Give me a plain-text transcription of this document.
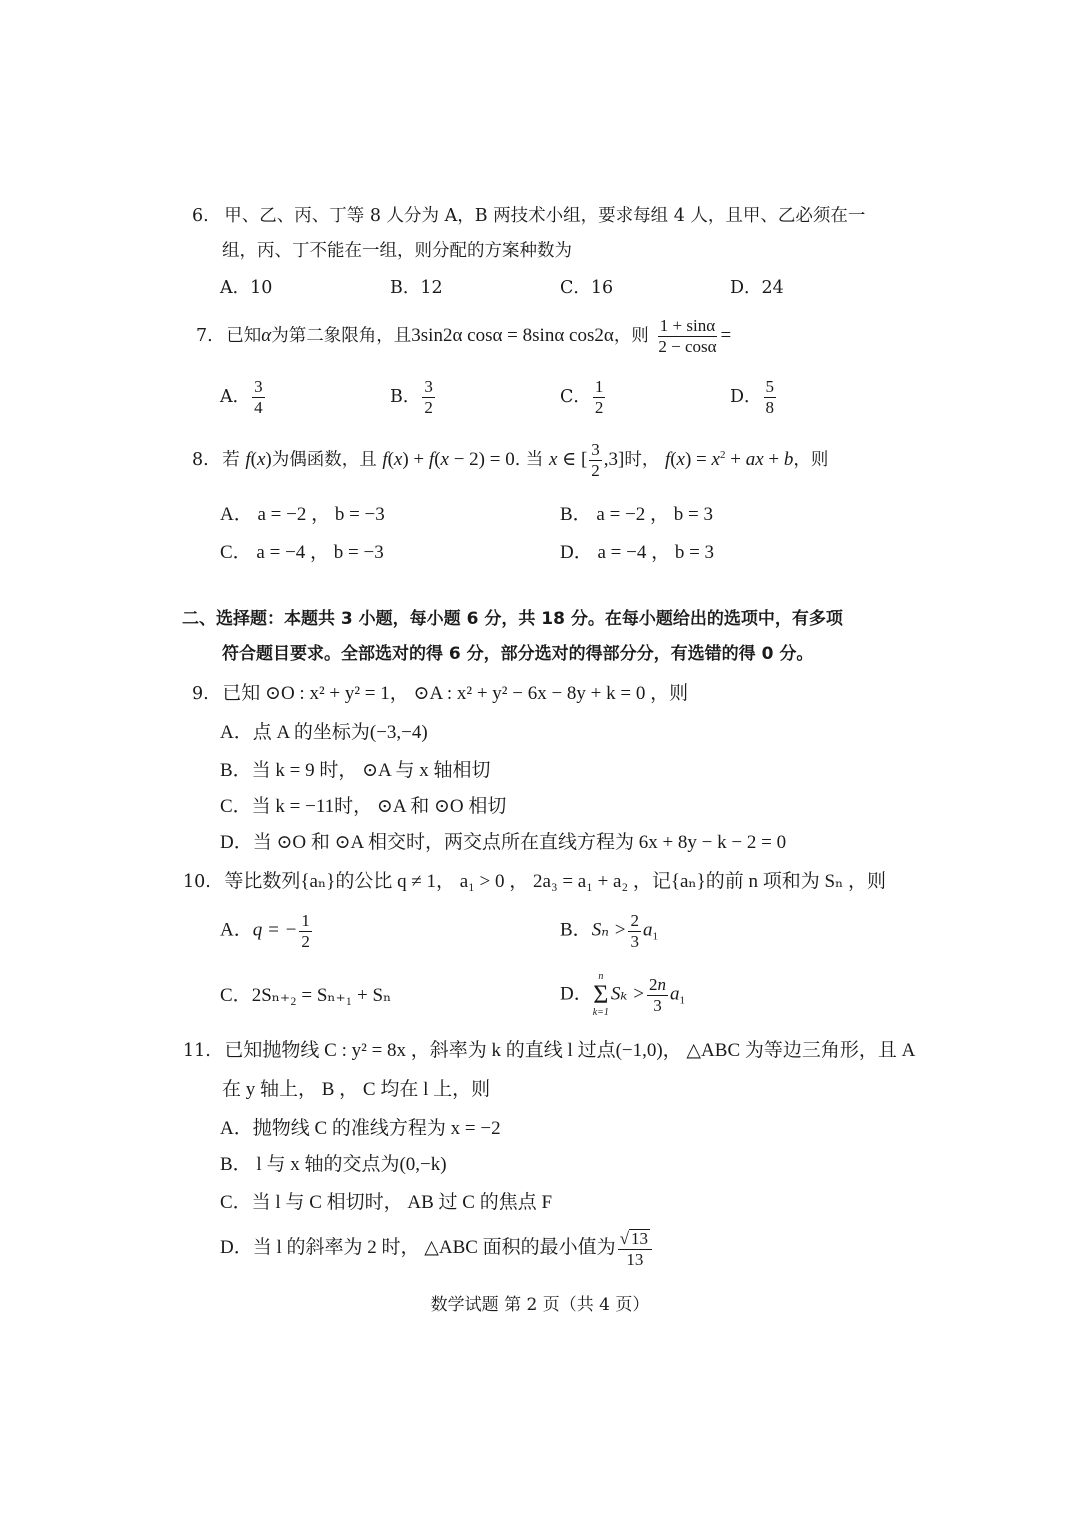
6. 甲、乙、丙、丁等 8 人分为 A，B 两技术小组，要求每组 4 人，且甲、乙必须在一
组，丙、丁不能在一组，则分配的方案种数为
A．10	B．12	C．16	D．24
7. 已知α为第二象限角，且3sin2α cosα = 8sinα cos2α，则 $\frac{1 + \sin\alpha}{2 - \cos\alpha}$ =
A． $\frac{3}{4}$	B． $\frac{3}{2}$	C． $\frac{1}{2}$	D． $\frac{5}{8}$
8. 若 f(x)为偶函数，且 f(x) + f(x − 2) = 0. 当 x ∈ [ $\frac{3}{2} ,3$]时， $f(x) = x^2$ + ax + b，则
A． a = −2 ， b = −3	B． a = −2 ， b = 3
C． a = −4 ， b = −3	D． a = −4 ， b = 3
二、选择题：本题共 3 小题，每小题 6 分，共 18 分。在每小题给出的选项中，有多项
符合题目要求。全部选对的得 6 分，部分选对的得部分分，有选错的得 0 分。
9. 已知 ⊙O : x² + y² = 1， ⊙A : x² + y² − 6x − 8y + k = 0 ，则
A．点 A 的坐标为(−3,−4)
B．当 k = 9 时， ⊙A 与 x 轴相切
C．当 k = −11时， ⊙A 和 ⊙O 相切
D．当 ⊙O 和 ⊙A 相交时，两交点所在直线方程为 6x + 8y − k − 2 = 0
10. 等比数列{aₙ}的公比 q ≠ 1， a₁ > 0 ， 2a₃ = a₁ + a₂ ，记{aₙ}的前 n 项和为 Sₙ ，则
A．q = − $\frac{1}{2}$	B．$S_n > \frac{2}{3} a_1$
C．2Sₙ₊₂ = Sₙ₊₁ + Sₙ	D．
n
Σ
k=1
$S_k > \frac{2n}{3} a_1$
11. 已知抛物线 C : y² = 8x ，斜率为 k 的直线 l 过点(−1,0)， △ABC 为等边三角形，且 A
在 y 轴上， B ， C 均在 l 上，则
A．抛物线 C 的准线方程为 x = −2
B． l 与 x 轴的交点为(0,−k)
C．当 l 与 C 相切时， AB 过 C 的焦点 F
D．当 l 的斜率为 2 时， △ABC 面积的最小值为 $\frac{√ 13}{13}$
数学试题 第 2 页（共 4 页）
